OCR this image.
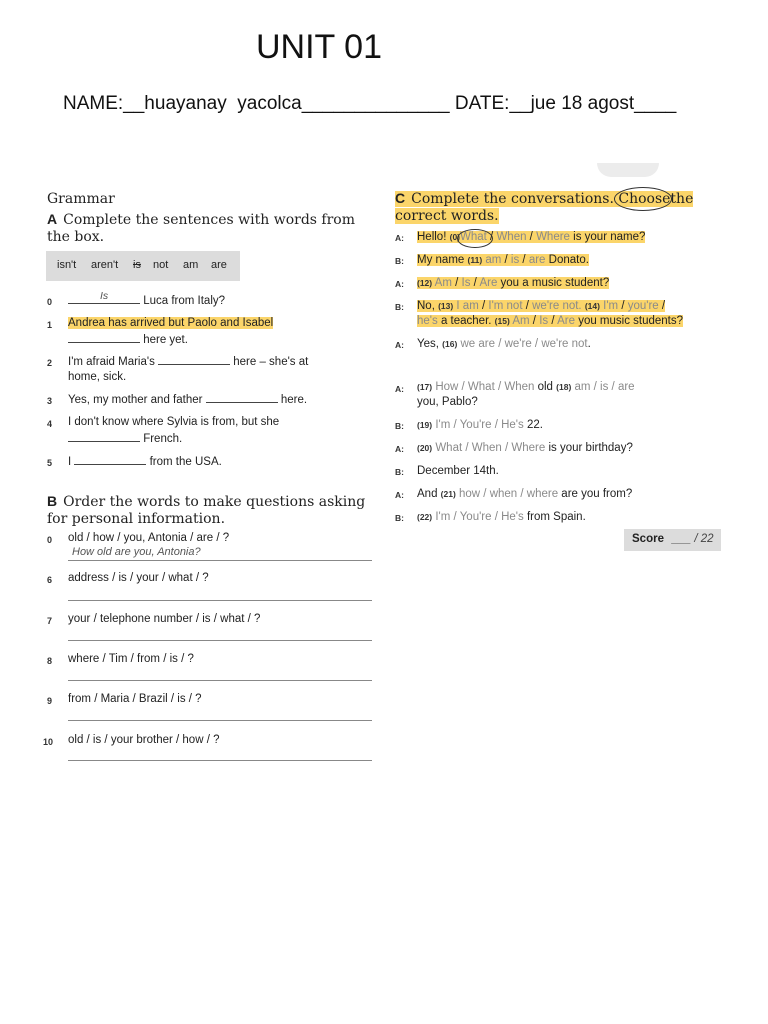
UNIT 01
NAME:__huayanay  yacolca______________ DATE:__jue 18 agost____
Grammar
A Complete the sentences with words from the box.
isn't aren't is not am are
0	Is	Luca from Italy?
1 Andrea has arrived but Paolo and Isabel
here yet.
2 I'm afraid Maria's	here – she's at
home, sick.
3 Yes, my mother and father	here.
4 I don't know where Sylvia is from, but she
French.
5 I	from the USA.
B Order the words to make questions asking for personal information.
0 old / how / you, Antonia / are / ?
How old are you, Antonia?
6 address / is / your / what / ?
7 your / telephone number / is / what / ?
8 where / Tim / from / is / ?
9 from / Maria / Brazil / is / ?
10 old / is / your brother / how / ?
C Complete the conversations. Choose
the correct words.
A: Hello! (0)What
/ When / Where is your name?
B: My name (11) am / is / are Donato.
A: (12) Am / Is / Are you a music student?
B: No, (13) I am / I'm not / we're not. (14) I'm / you're /
he's a teacher. (15) Am / Is / Are you music students?
A: Yes, (16) we are / we're / we're not.
A: (17) How / What / When old (18) am / is / are
you, Pablo?
B: (19) I'm / You're / He's 22.
A: (20) What / When / Where is your birthday?
B: December 14th.
A: And (21) how / when / where are you from?
B: (22) I'm / You're / He's from Spain.
Score ___ / 22
